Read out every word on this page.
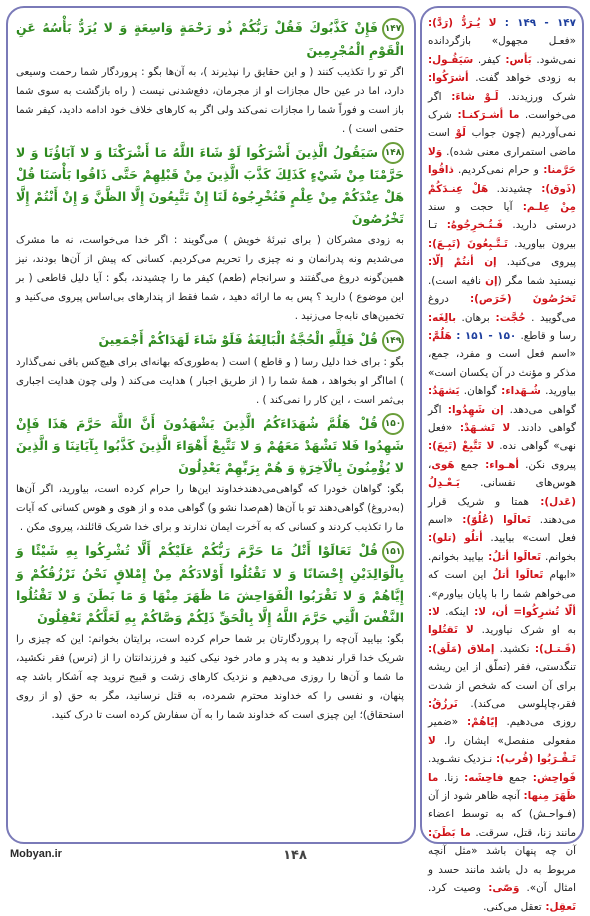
۱۴۷فَإِنْ كَذَّبُوكَ فَقُلْ رَبُّكُمْ ذُو رَحْمَةٍ وَاسِعَةٍ وَ لا يُرَدُّ بَأْسُهُ عَنِ الْقَوْمِ الْمُجْرِمِينَ
اگر تو را تکذیب کنند ( و این حقایق را نپذیرند )، به آن‌ها بگو : پروردگار شما رحمت وسیعی دارد، اما در عین حال مجازات او از مجرمان، دفع‌شدنی نیست ( راه بازگشت به سوی شما باز است و فوراً شما را مجازات نمی‌کند ولی اگر به کارهای خلاف خود ادامه دادید، کیفر شما حتمی است ) .
۱۴۸سَيَقُولُ الَّذِينَ أَشْرَكُوا لَوْ شَاءَ اللَّهُ مَا أَشْرَكْنَا وَ لا آبَاؤُنَا وَ لا حَرَّمْنَا مِنْ شَيْءٍ كَذَلِكَ كَذَّبَ الَّذِينَ مِنْ قَبْلِهِمْ حَتَّى ذَاقُوا بَأْسَنَا قُلْ هَلْ عِنْدَكُمْ مِنْ عِلْمٍ فَتُخْرِجُوهُ لَنَا إِنْ تَتَّبِعُونَ إِلَّا الظَّنَّ وَ إِنْ أَنْتُمْ إِلَّا تَخْرُصُونَ
به زودی مشرکان ( برای تبرئهٔ خویش ) می‌گویند : اگر خدا می‌خواست، نه ما مشرک می‌شدیم ونه پدرانمان و نه چیزی را تحریم می‌کردیم. کسانی که پیش از آن‌ها بودند، نیز همین‌گونه دروغ می‌گفتند و سرانجام (طعم) کیفر ما را چشیدند، بگو : آیا دلیل قاطعی ( بر این موضوع ) دارید ؟ پس به ما ارائه دهید ، شما فقط از پندارهای بی‌اساس پیروی می‌کنید و تخمین‌های نابه‌جا می‌زنید .
۱۴۹قُلْ فَلِلَّهِ الْحُجَّةُ الْبَالِغَةُ فَلَوْ شَاءَ لَهَدَاكُمْ أَجْمَعِينَ
بگو : برای خدا دلیل رسا ( و قاطع ) است ( به‌طوری‌که بهانه‌ای برای هیچ‌کس باقی نمی‌گذارد ) اما‌اگر او بخواهد ، همهٔ شما را ( از طریق اجبار ) هدایت می‌کند ( ولی چون هدایت اجباری بی‌ثمر است ، این کار را نمی‌کند ) .
۱۵۰قُلْ هَلُمَّ شُهَدَاءَكُمُ الَّذِينَ يَشْهَدُونَ أَنَّ اللَّهَ حَرَّمَ هَذَا فَإِنْ شَهِدُوا فَلا تَشْهَدْ مَعَهُمْ وَ لا تَتَّبِعْ أَهْوَاءَ الَّذِينَ كَذَّبُوا بِآيَاتِنَا وَ الَّذِينَ لا يُؤْمِنُونَ بِالْآخِرَةِ وَ هُمْ بِرَبِّهِمْ يَعْدِلُونَ
بگو: گواهان خودرا که گواهی‌می‌دهندخداوند این‌ها را حرام کرده است، بیاورید، اگر آن‌ها (به‌دروغ) گواهی‌دهند تو با آن‌ها (هم‌صدا نشو و) گواهی مده و از هوی و هوس کسانی که آیات ما را تکذیب کردند و کسانی که به آخرت ایمان ندارند و برای خدا شریک قائلند، پیروی مکن .
۱۵۱قُلْ تَعَالَوْا أَتْلُ مَا حَرَّمَ رَبُّكُمْ عَلَيْكُمْ أَلَّا تُشْرِكُوا بِهِ شَيْئًا وَ بِالْوَالِدَيْنِ إِحْسَانًا وَ لا تَقْتُلُوا أَوْلادَكُمْ مِنْ إِمْلاقٍ نَحْنُ نَرْزُقُكُمْ وَ إِيَّاهُمْ وَ لا تَقْرَبُوا الْفَوَاحِشَ مَا ظَهَرَ مِنْهَا وَ مَا بَطَنَ وَ لا تَقْتُلُوا النَّفْسَ الَّتِي حَرَّمَ اللَّهُ إِلَّا بِالْحَقِّ ذَلِكُمْ وَصَّاكُمْ بِهِ لَعَلَّكُمْ تَعْقِلُونَ
بگو: بیایید آن‌چه را پروردگارتان بر شما حرام کرده است، برایتان بخوانم: این که چیزی را شریک خدا قرار ندهید و به پدر و مادر خود نیکی کنید و فرزندانتان را از (ترس) فقر نکشید، ما شما و آن‌ها را روزی می‌دهیم و نزدیک کارهای زشت و قبیح نروید چه آشکار باشد چه پنهان، و نفسی را که خداوند محترم شمرده، به قتل نرسانید، مگر به حق (و از روی استحقاق)؛ این چیزی است که خداوند شما را به آن سفارش کرده است تا درک کنید.
۱۴۷ - ۱۴۹ : لا یُـرَدُّ (رَدَّ): «فعـل مجهول» بازگردانده نمی‌شود. بَأس: کیفر. سَیَقُـول: به زودی خواهد گفت. أشرَکُوا: شرک ورزیدند. لَـوْ شاءَ: اگر می‌خواست. ما أشـرَکنـا: شرک نمی‌آوردیم (چون جواب لَوْ است ماضی استمراری معنی شده). وَلا حَرَّمنا: و حرام نمی‌کردیم. ذاقُوا (ذَوق): چشیدند. هَلْ عِنـدَکُمْ مِنْ عِلـم: آیا حجت و سند درستی دارید. فَـتُـخرِجُوهُ: تـا بیرون بیاورید. تَـتَّـبِعُونَ (تَبِـعَ): پیروی می‌کنید. إن أنتُمْ إلّا: نیستید شما مگر (إن نافیه است). تَخرُصُونَ (خَرَص): دروغ می‌گویید . حُجَّت: برهان. بالِغَه: رسا و قاطع. ۱۵۰ - ۱۵۱ : هَلُمَّ: «اسم فعل است و مفرد، جمع، مذکر و مؤنث در آن یکسان است» بیاورید. شُـهَداء: گواهان. یَشهَدُ: گواهی می‌دهد. إن شَهِدُوا: اگر گواهی دادند. لا تَشـهَدْ: «فعل نهی» گواهی نده. لا تَتَّبِعْ (تَبِعَ): پیروی نکن. أهـواء: جمع هَوی، هوس‌های نفسانی. یَـعْـدِلُ (عَدل): همتا و شریک قرار می‌دهند. تَعالَوا (عُلُوّ): «اسم فعل است» بیایید. أتلُو (تلو): بخوانم. تَعالَوا أتلُ: بیایید بخوانم. «ابهام تَعالَوا أتلُ این است که می‌خواهم شما را با پایان بیاورم». ألّا تُشرِکُوا= أن، لا: اینکه. لا: به او شرک نیاورید. لا تَقتُلوا (قَـتـل): نکشید. إملاق (مَلَق): تنگدستی، فقر (تملّق از این ریشه برای آن است که شخص از شدت فقر،چاپلوسی می‌کند). نَرزُقُ: روزی می‌دهیم. إیّاهُمْ: «ضمیر مفعولی منفصل» ایشان را. لا تَـقْـرَبُوا (قُرب): نـزدیک نشـوید. فَواحِش: جمع فاحِشَه: زنا. ما ظَهَرَ مِنها: آنچه ظاهر شود از آن (فـواحـش) که به توسط اعضاء مانند زنا، قتل، سرقت. ما بَطَنَ: آن چه پنهان باشد «مثل آنچه مربوط به دل باشد مانند حسد و امثال آن». وَصّی: وصیت کرد. تَعقِل: تعقل می‌کنی.
Mobyan.ir	۱۴۸
